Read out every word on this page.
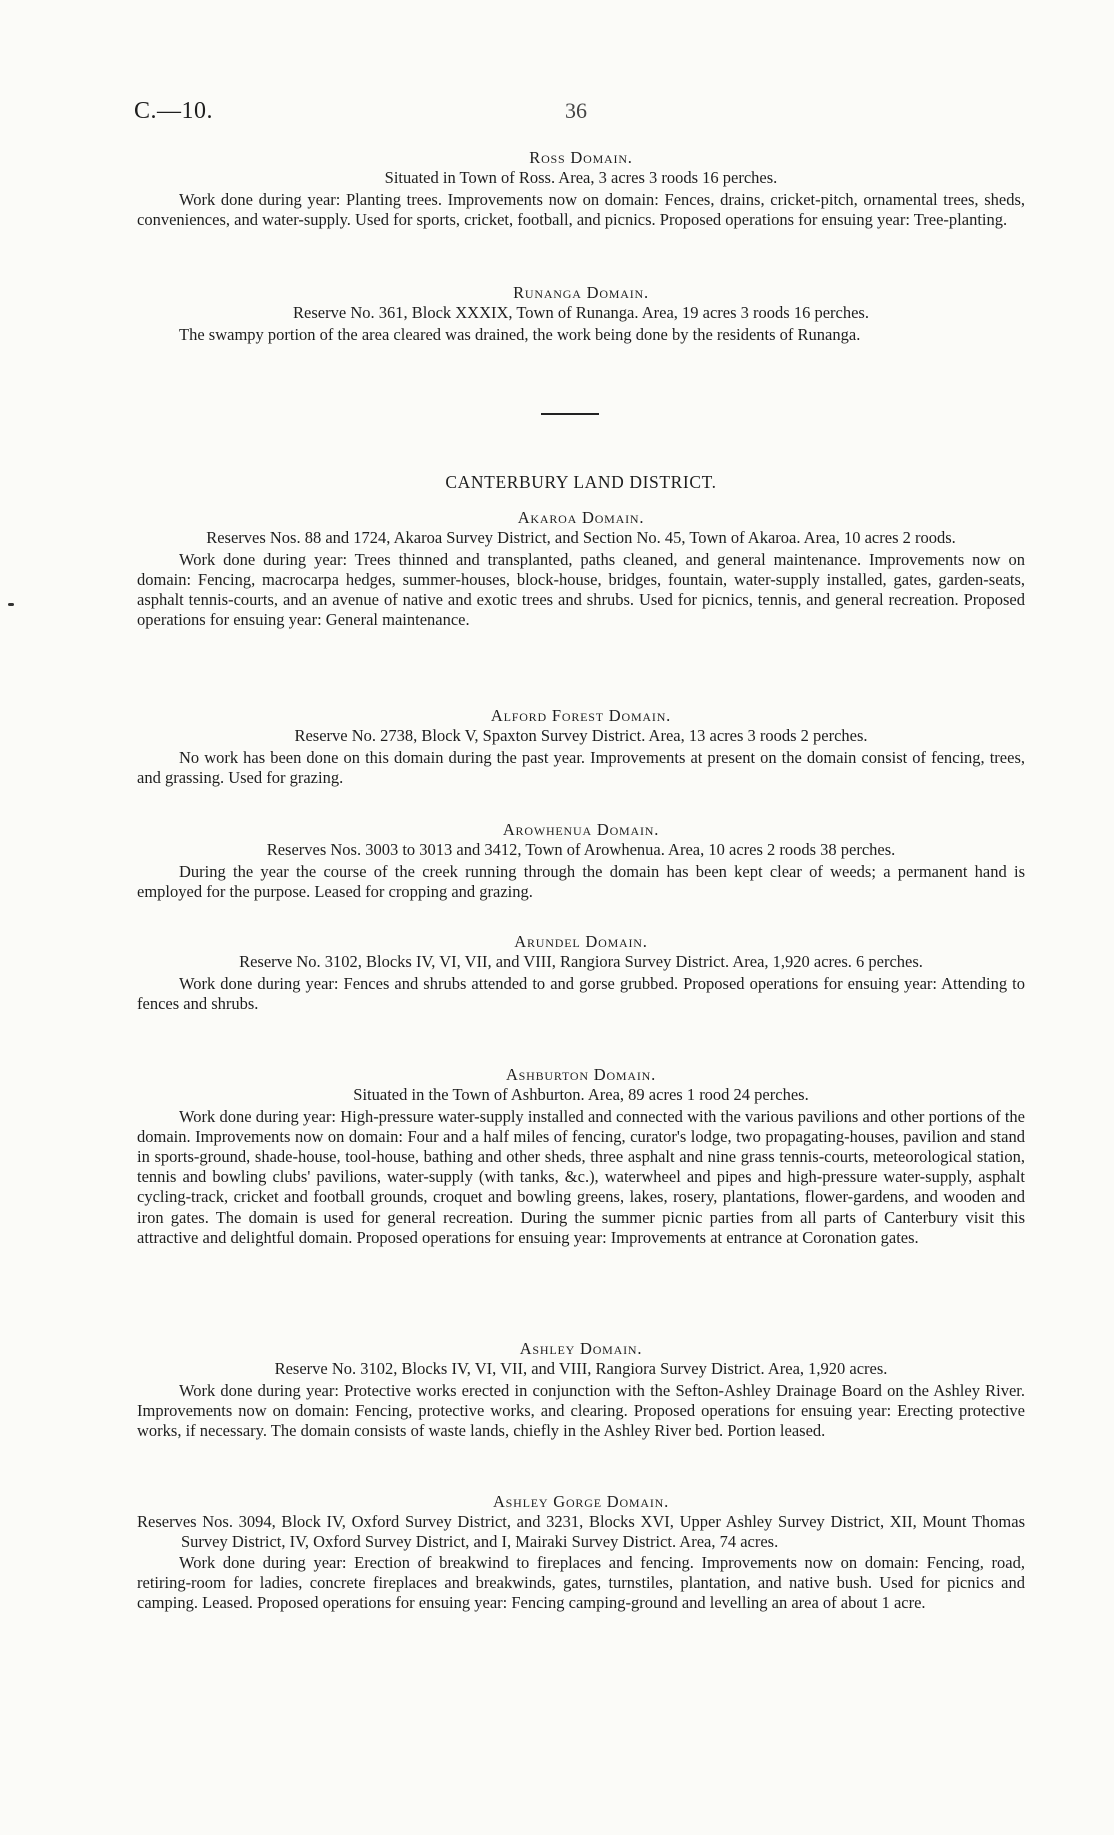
C.—10.	36

Ross Domain.

Situated in Town of Ross. Area, 3 acres 3 roods 16 perches.

Work done during year: Planting trees. Improvements now on domain: Fences, drains, cricket-pitch, ornamental trees, sheds, conveniences, and water-supply. Used for sports, cricket, football, and picnics. Proposed operations for ensuing year: Tree-planting.

Runanga Domain.

Reserve No. 361, Block XXXIX, Town of Runanga. Area, 19 acres 3 roods 16 perches.

The swampy portion of the area cleared was drained, the work being done by the residents of Runanga.

CANTERBURY LAND DISTRICT.

Akaroa Domain.

Reserves Nos. 88 and 1724, Akaroa Survey District, and Section No. 45, Town of Akaroa. Area, 10 acres 2 roods.

Work done during year: Trees thinned and transplanted, paths cleaned, and general maintenance. Improvements now on domain: Fencing, macrocarpa hedges, summer-houses, block-house, bridges, fountain, water-supply installed, gates, garden-seats, asphalt tennis-courts, and an avenue of native and exotic trees and shrubs. Used for picnics, tennis, and general recreation. Proposed operations for ensuing year: General maintenance.

Alford Forest Domain.

Reserve No. 2738, Block V, Spaxton Survey District. Area, 13 acres 3 roods 2 perches.

No work has been done on this domain during the past year. Improvements at present on the domain consist of fencing, trees, and grassing. Used for grazing.

Arowhenua Domain.

Reserves Nos. 3003 to 3013 and 3412, Town of Arowhenua. Area, 10 acres 2 roods 38 perches.

During the year the course of the creek running through the domain has been kept clear of weeds; a permanent hand is employed for the purpose. Leased for cropping and grazing.

Arundel Domain.

Reserve No. 3102, Blocks IV, VI, VII, and VIII, Rangiora Survey District. Area, 1,920 acres. 6 perches.

Work done during year: Fences and shrubs attended to and gorse grubbed. Proposed operations for ensuing year: Attending to fences and shrubs.

Ashburton Domain.

Situated in the Town of Ashburton. Area, 89 acres 1 rood 24 perches.

Work done during year: High-pressure water-supply installed and connected with the various pavilions and other portions of the domain. Improvements now on domain: Four and a half miles of fencing, curator's lodge, two propagating-houses, pavilion and stand in sports-ground, shade-house, tool-house, bathing and other sheds, three asphalt and nine grass tennis-courts, meteorological station, tennis and bowling clubs' pavilions, water-supply (with tanks, &c.), waterwheel and pipes and high-pressure water-supply, asphalt cycling-track, cricket and football grounds, croquet and bowling greens, lakes, rosery, plantations, flower-gardens, and wooden and iron gates. The domain is used for general recreation. During the summer picnic parties from all parts of Canterbury visit this attractive and delightful domain. Proposed operations for ensuing year: Improvements at entrance at Coronation gates.

Ashley Domain.

Reserve No. 3102, Blocks IV, VI, VII, and VIII, Rangiora Survey District. Area, 1,920 acres.

Work done during year: Protective works erected in conjunction with the Sefton-Ashley Drainage Board on the Ashley River. Improvements now on domain: Fencing, protective works, and clearing. Proposed operations for ensuing year: Erecting protective works, if necessary. The domain consists of waste lands, chiefly in the Ashley River bed. Portion leased.

Ashley Gorge Domain.

Reserves Nos. 3094, Block IV, Oxford Survey District, and 3231, Blocks XVI, Upper Ashley Survey District, XII, Mount Thomas Survey District, IV, Oxford Survey District, and I, Mairaki Survey District. Area, 74 acres.

Work done during year: Erection of breakwind to fireplaces and fencing. Improvements now on domain: Fencing, road, retiring-room for ladies, concrete fireplaces and breakwinds, gates, turnstiles, plantation, and native bush. Used for picnics and camping. Leased. Proposed operations for ensuing year: Fencing camping-ground and levelling an area of about 1 acre.
